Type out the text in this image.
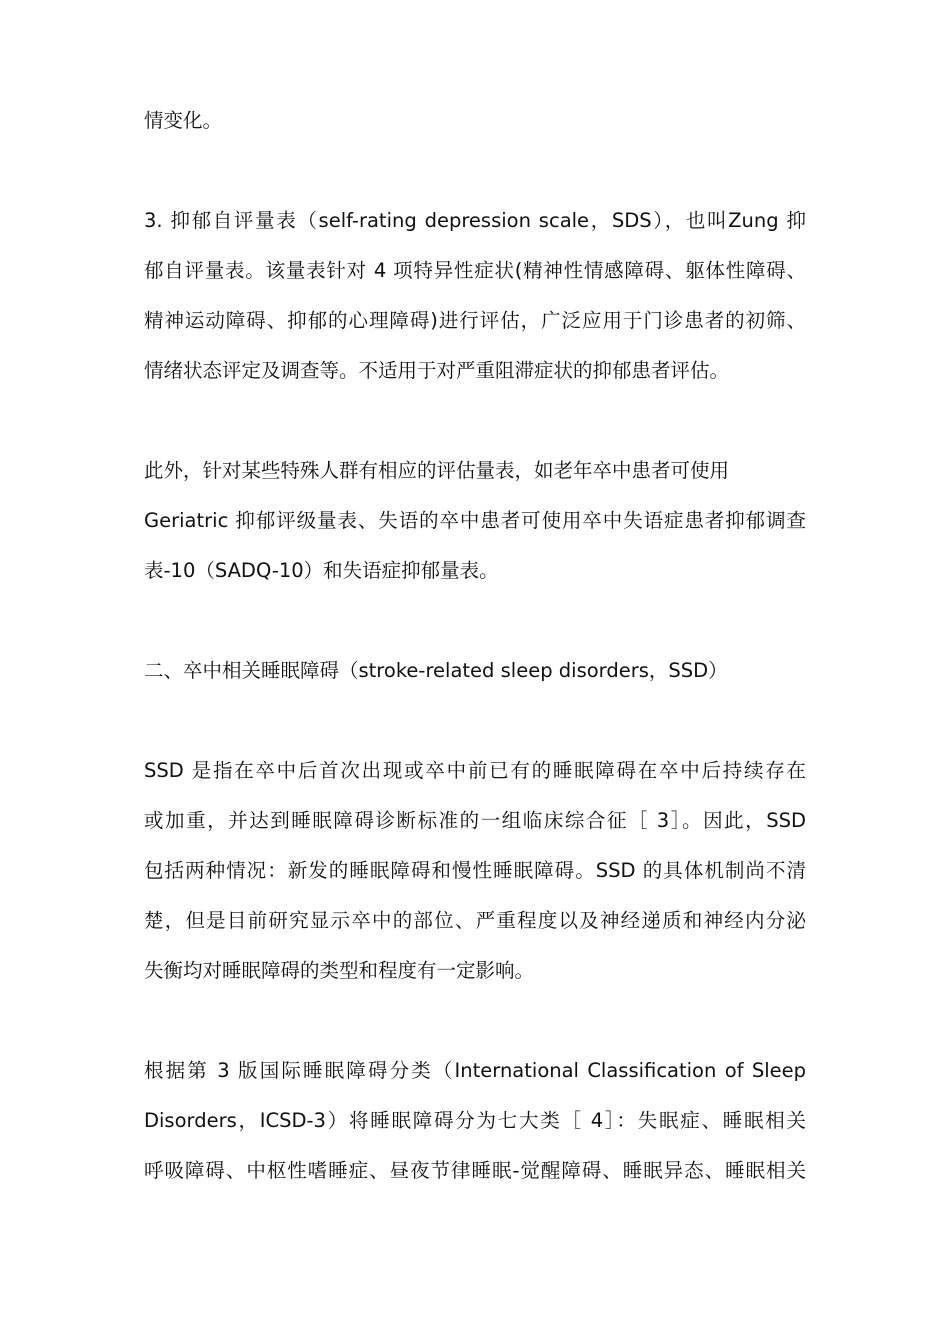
情变化。

3. 抑郁自评量表（self-rating depression scale，SDS），也叫Zung 抑
郁自评量表。该量表针对 4 项特异性症状(精神性情感障碍、躯体性障碍、
精神运动障碍、抑郁的心理障碍)进行评估，广泛应用于门诊患者的初筛、
情绪状态评定及调查等。不适用于对严重阻滞症状的抑郁患者评估。

此外，针对某些特殊人群有相应的评估量表，如老年卒中患者可使用
Geriatric 抑郁评级量表、失语的卒中患者可使用卒中失语症患者抑郁调查
表-10（SADQ-10）和失语症抑郁量表。

二、卒中相关睡眠障碍（stroke-related sleep disorders，SSD）

SSD 是指在卒中后首次出现或卒中前已有的睡眠障碍在卒中后持续存在
或加重，并达到睡眠障碍诊断标准的一组临床综合征［ 3］。因此，SSD
包括两种情况：新发的睡眠障碍和慢性睡眠障碍。SSD 的具体机制尚不清
楚，但是目前研究显示卒中的部位、严重程度以及神经递质和神经内分泌
失衡均对睡眠障碍的类型和程度有一定影响。

根据第 3 版国际睡眠障碍分类（International Classification of Sleep
Disorders，ICSD-3）将睡眠障碍分为七大类［ 4］：失眠症、睡眠相关
呼吸障碍、中枢性嗜睡症、昼夜节律睡眠-觉醒障碍、睡眠异态、睡眠相关
